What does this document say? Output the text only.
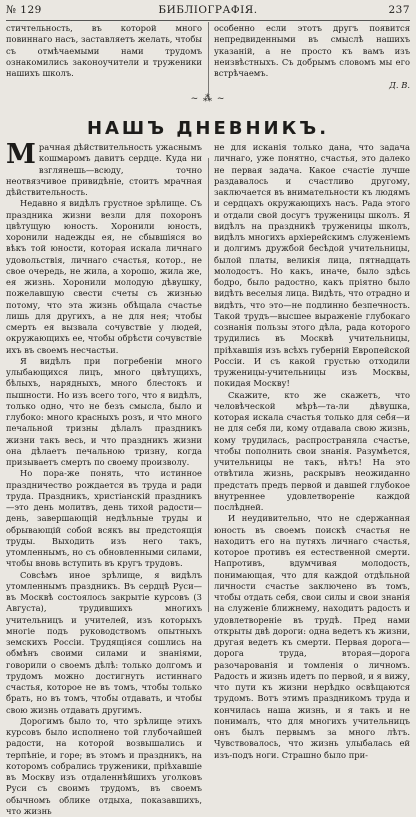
№ 129	БИБЛІОГРАФІЯ.	237

стичтельность, въ которой много повиннаго насъ, заставляетъ желать, чтобы съ отмѣчаемыми нами трудомъ ознакомились законоучители и труженики нашихъ школъ.

особенно если этотъ другъ появится непредвиденными въ смыслѣ нашихъ указаній, а не просто къ вамъ изъ неизвѣстныхъ. Съ добрымъ словомъ мы его встрѣчаемъ.

Д. В.
~ ⁂ ~
НАШЪ ДНЕВНИКЪ.

Мрачная дѣйствительность ужаснымъ кошмаромъ давитъ сердце. Куда ни взглянешь—всюду, точно неотвязчивое привидѣніе, стоитъ мрачная дѣйствительность.

Недавно я видѣлъ грустное зрѣлище. Съ праздника жизни везли для похоронъ цвѣтущую юность. Хоронили юность, хоронили надежды ея, не сбывшіяся во вѣкъ той юности, которая искала личнаго удовольствія, личнаго счастья, котор., не свое очередь, не жила, а хорошо, жила же, ея жизнь. Хоронили молодую дѣвушку, пожелавшую свести счеты съ жизнью потому, что эта жизнь обѣщала счастье лишь для другихъ, а не для нея; чтобы смерть ея вызвала сочувствіе у людей, окружающихъ ее, чтобы обрѣсти сочувствіе ихъ въ своемъ несчастьи.

Я видѣлъ при погребеніи много улыбающихся лицъ, много цвѣтущихъ, бѣлыхъ, нарядныхъ, много блестокъ и пышности. Но изъ всего того, что я видѣлъ, только одно, что не безъ смысла, было и глубоко: много красныхъ розъ, и что много печальной тризны дѣлалъ праздникъ жизни такъ весь, и что праздникъ жизни она дѣлаетъ печальною тризну, когда призываетъ смерть по своему произволу.

Но пора-же понять, что истинное праздничество рождается въ труда и ради труда. Праздникъ, христіанскій праздникъ—это день молитвъ, день тихой радости—день, завершающій недѣльные труды и обрывающій собой всякъ вы предстоящія труды. Выходить изъ него такъ, утомленнымъ, но съ обновленными силами, чтобы вновь вступить въ кругъ трудовъ.

Совсѣмъ иное зрѣлище, я видѣлъ утомленнымъ праздникъ. Въ сердцѣ Руси—въ Москвѣ состоялось закрытіе курсовъ (3 Августа), трудившихъ многихъ учительницъ и учителей, изъ которыхъ многіе подъ руководствомъ опытныхъ земскихъ Россіи. Трудящіяся сошлись на обмѣнъ своими силами и знаніями, говорили о своемъ дѣлѣ: только долгомъ и трудомъ можно достигнуть истиннаго счастья, которое не въ томъ, чтобы только брать, но въ томъ, чтобы отдавать, и чтобы свою жизнь отдавать другимъ.

Дорогимъ было то, что зрѣлище этихъ курсовъ было исполнено той глубочайшей радости, на которой возвышались и терпѣніе, и горе; въ этомъ и праздникъ, на которомъ собрались труженики, пріѣхавшіе въ Москву изъ отдаленнѣйшихъ уголковъ Руси съ своимъ трудомъ, въ своемъ обычномъ облике отдыха, показавшихъ, что жизнь

не для исканія только дана, что задача личнаго, уже понятно, счастья, это далеко не первая задача. Какое счастіе лучше раздавалось и счастливо другому, заключается въ внимательности къ людямъ и сердцахъ окружающихъ насъ. Рада этого и отдали свой досугъ труженицы школъ. Я видѣлъ на праздникѣ труженицы школъ, видѣлъ многихъ архіерейскимъ служеніемъ и долгимъ дружбой бесѣдой учительницы, былой платы, великія лица, пятнадцать молодостъ. Но какъ, иначе, было здѣсь бодро, было радостно, какъ пріятно было видѣть веселыя лица. Видѣть, что отрадно и видѣть, что это—не подлинно безпечность. Такой трудъ—высшее выраженіе глубокаго сознанія пользы этого дѣла, рада которого трудились въ Москвѣ учительницы, пріѣхавшія изъ всѣхъ губерній Европейской Россіи. И съ какой грустью отходили труженицы-учительницы изъ Москвы, покидая Москву!

Скажите, кто же скажетъ, что человѣческой мѣрѣ—та-ли дѣвушка, которая искала счастья только для себя—и не для себя ли, кому отдавала свою жизнь, кому трудилась, распространяла счастье, чтобы пополнить свои знанія. Разумѣется, учительницы не такъ, нѣтъ! На это отвѣтила жизнь, раскрывъ неожиданно предстать предъ первой и давшей глубокое внутреннее удовлетвореніе каждой послѣдней.

И неудивительно, что не сдержанная юность въ своемъ поискѣ счастья не находитъ его на путяхъ личнаго счастья, которое противъ ея естественной смерти. Напротивъ, вдумчивая молодость, понимающая, что для каждой отдѣльной личности счастье заключено въ томъ, чтобы отдать себя, свои силы и свои знанія на служеніе ближнему, находитъ радость и удовлетвореніе въ трудѣ. Пред нами открыты двѣ дороги: одна ведетъ къ жизни, другая ведетъ къ смерти. Первая дорога—дорога труда, вторая—дорога разочарованія и томленія о личномъ. Радость и жизнь идетъ по первой, и я вижу, что пути къ жизни нерѣдко освѣщаются трудомъ. Вотъ этимъ праздникомъ труда и кончилась наша жизнь, и я такъ и не понималъ, что для многихъ учительницъ онъ былъ первымъ за много лѣтъ. Чувствовалось, что жизнь улыбалась ей изъ-подъ ноги. Страшно было при-
